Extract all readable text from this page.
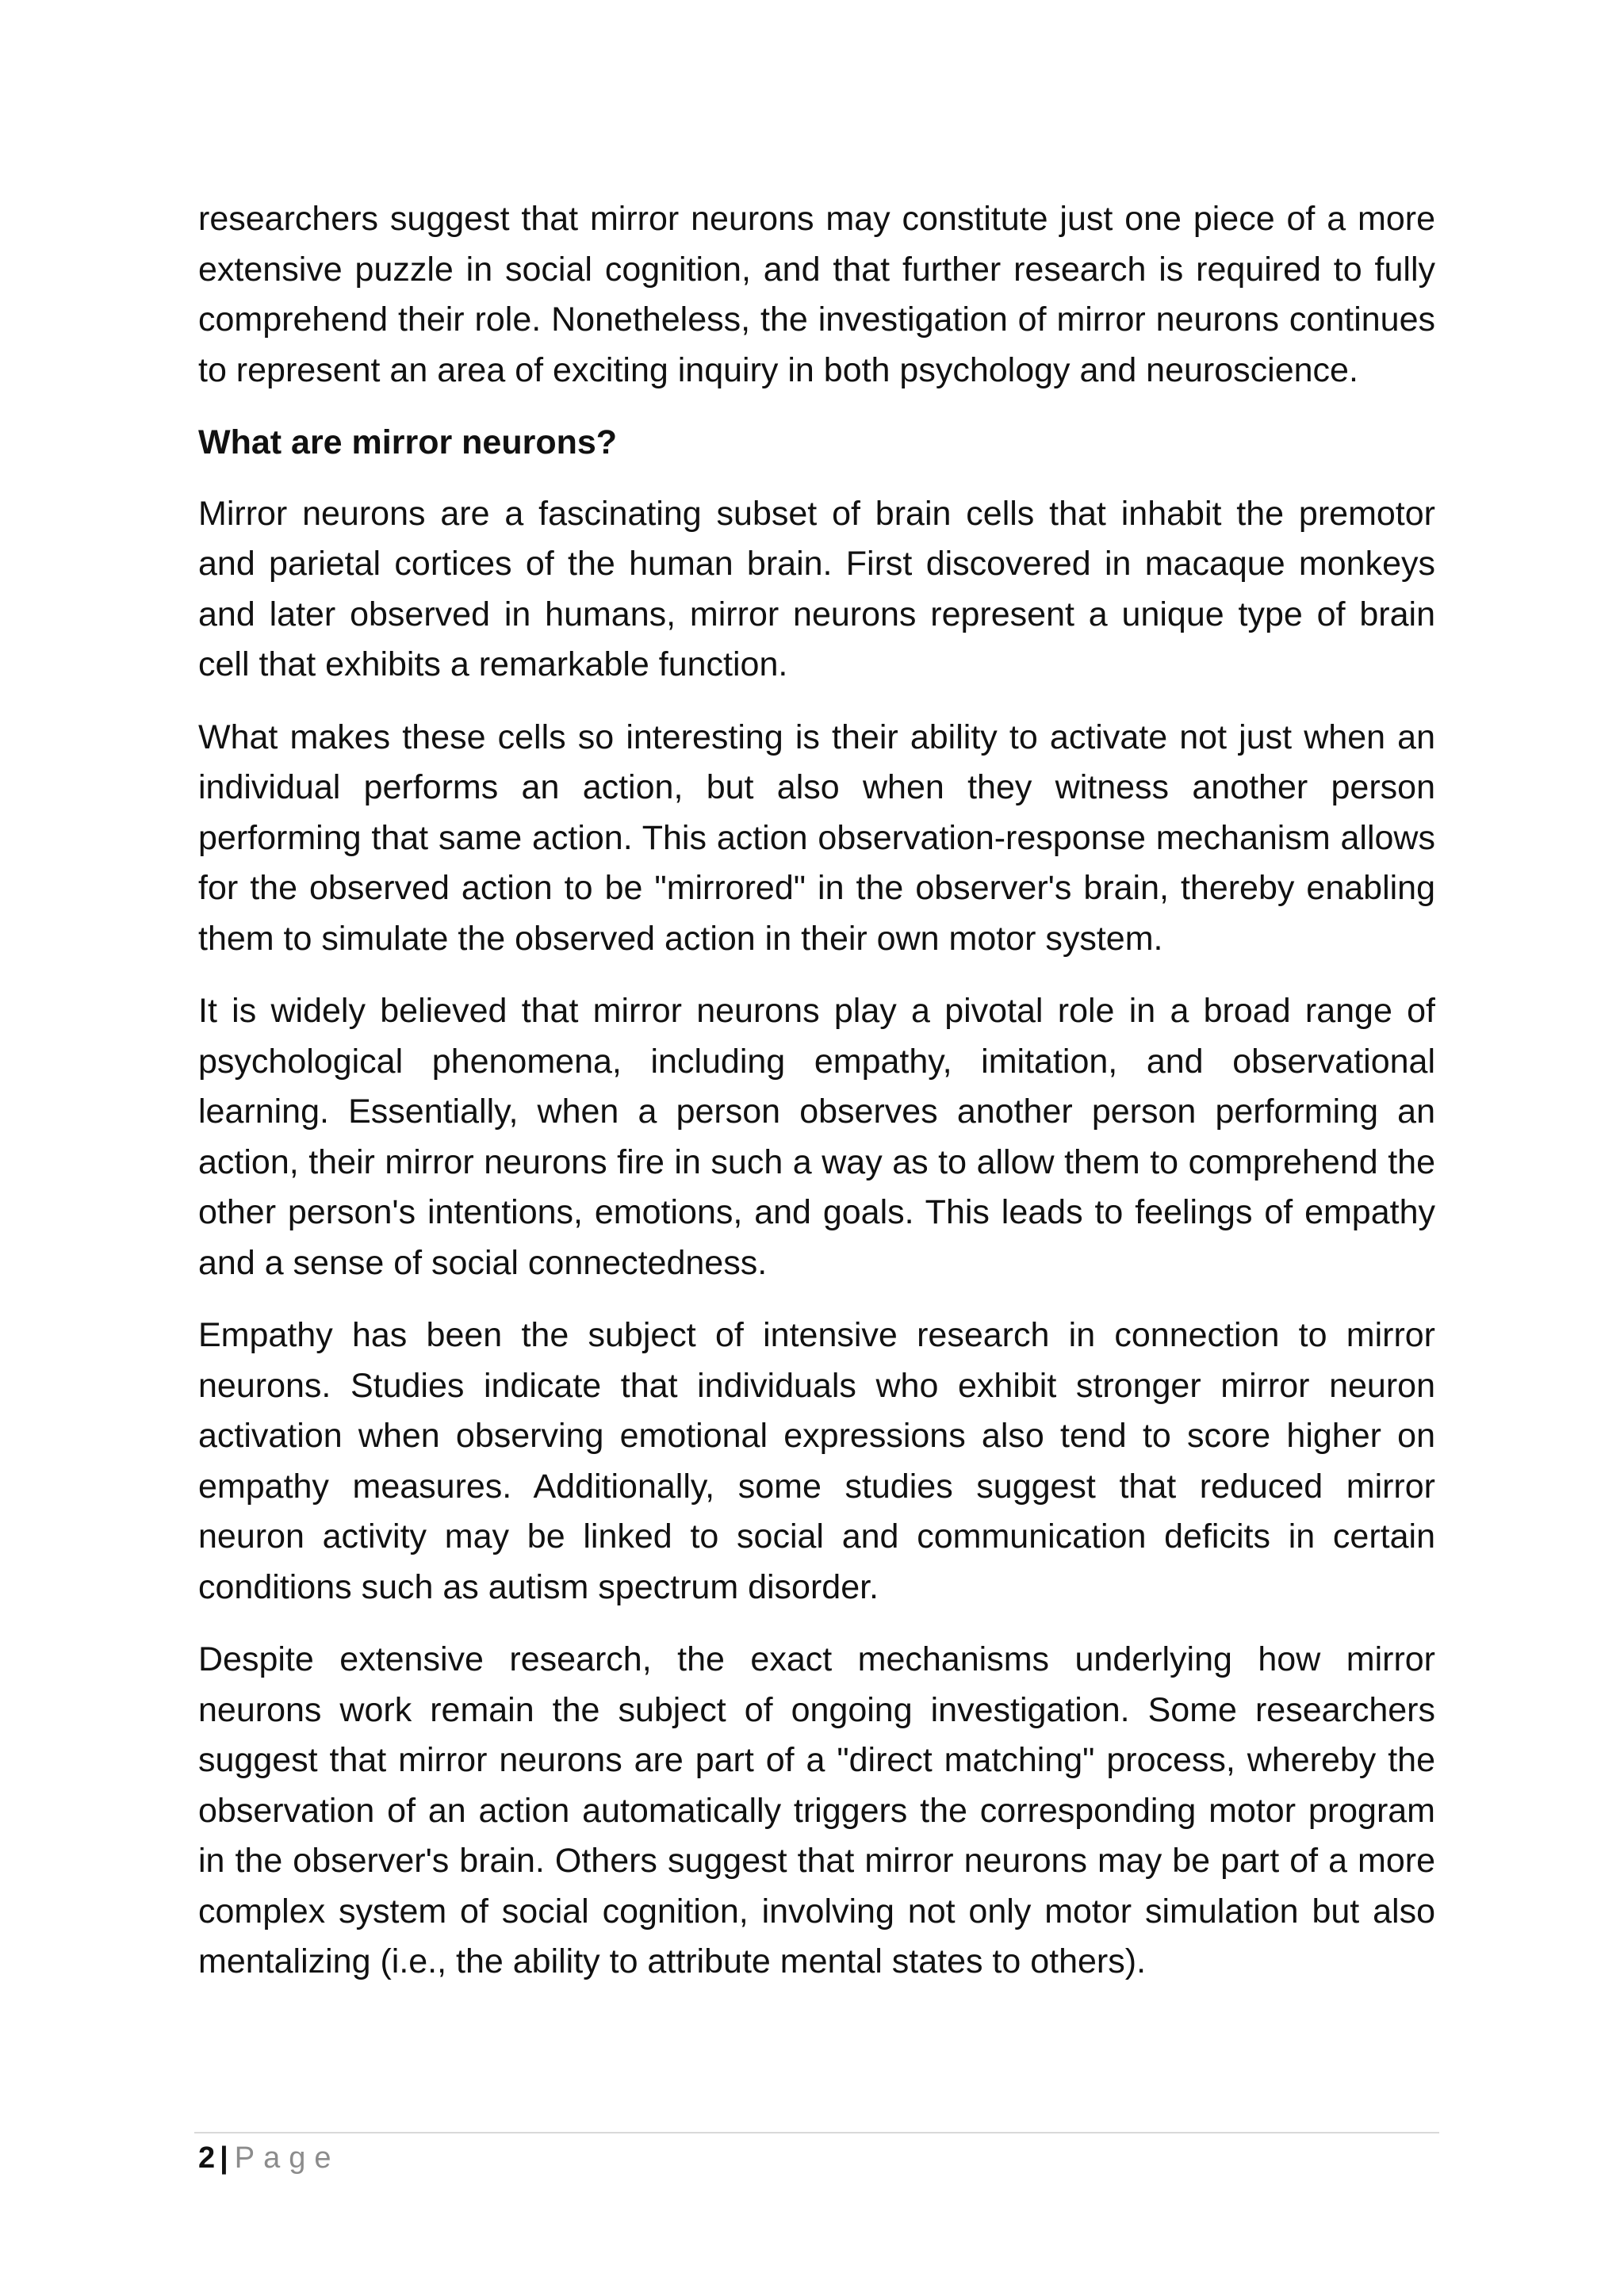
researchers suggest that mirror neurons may constitute just one piece of a more extensive puzzle in social cognition, and that further research is required to fully comprehend their role. Nonetheless, the investigation of mirror neurons continues to represent an area of exciting inquiry in both psychology and neuroscience.

What are mirror neurons?

Mirror neurons are a fascinating subset of brain cells that inhabit the premotor and parietal cortices of the human brain. First discovered in macaque monkeys and later observed in humans, mirror neurons represent a unique type of brain cell that exhibits a remarkable function.

What makes these cells so interesting is their ability to activate not just when an individual performs an action, but also when they witness another person performing that same action. This action observation-response mechanism allows for the observed action to be "mirrored" in the observer's brain, thereby enabling them to simulate the observed action in their own motor system.

It is widely believed that mirror neurons play a pivotal role in a broad range of psychological phenomena, including empathy, imitation, and observational learning. Essentially, when a person observes another person performing an action, their mirror neurons fire in such a way as to allow them to comprehend the other person's intentions, emotions, and goals. This leads to feelings of empathy and a sense of social connectedness.

Empathy has been the subject of intensive research in connection to mirror neurons. Studies indicate that individuals who exhibit stronger mirror neuron activation when observing emotional expressions also tend to score higher on empathy measures. Additionally, some studies suggest that reduced mirror neuron activity may be linked to social and communication deficits in certain conditions such as autism spectrum disorder.

Despite extensive research, the exact mechanisms underlying how mirror neurons work remain the subject of ongoing investigation. Some researchers suggest that mirror neurons are part of a "direct matching" process, whereby the observation of an action automatically triggers the corresponding motor program in the observer's brain. Others suggest that mirror neurons may be part of a more complex system of social cognition, involving not only motor simulation but also mentalizing (i.e., the ability to attribute mental states to others).

2 | Page
